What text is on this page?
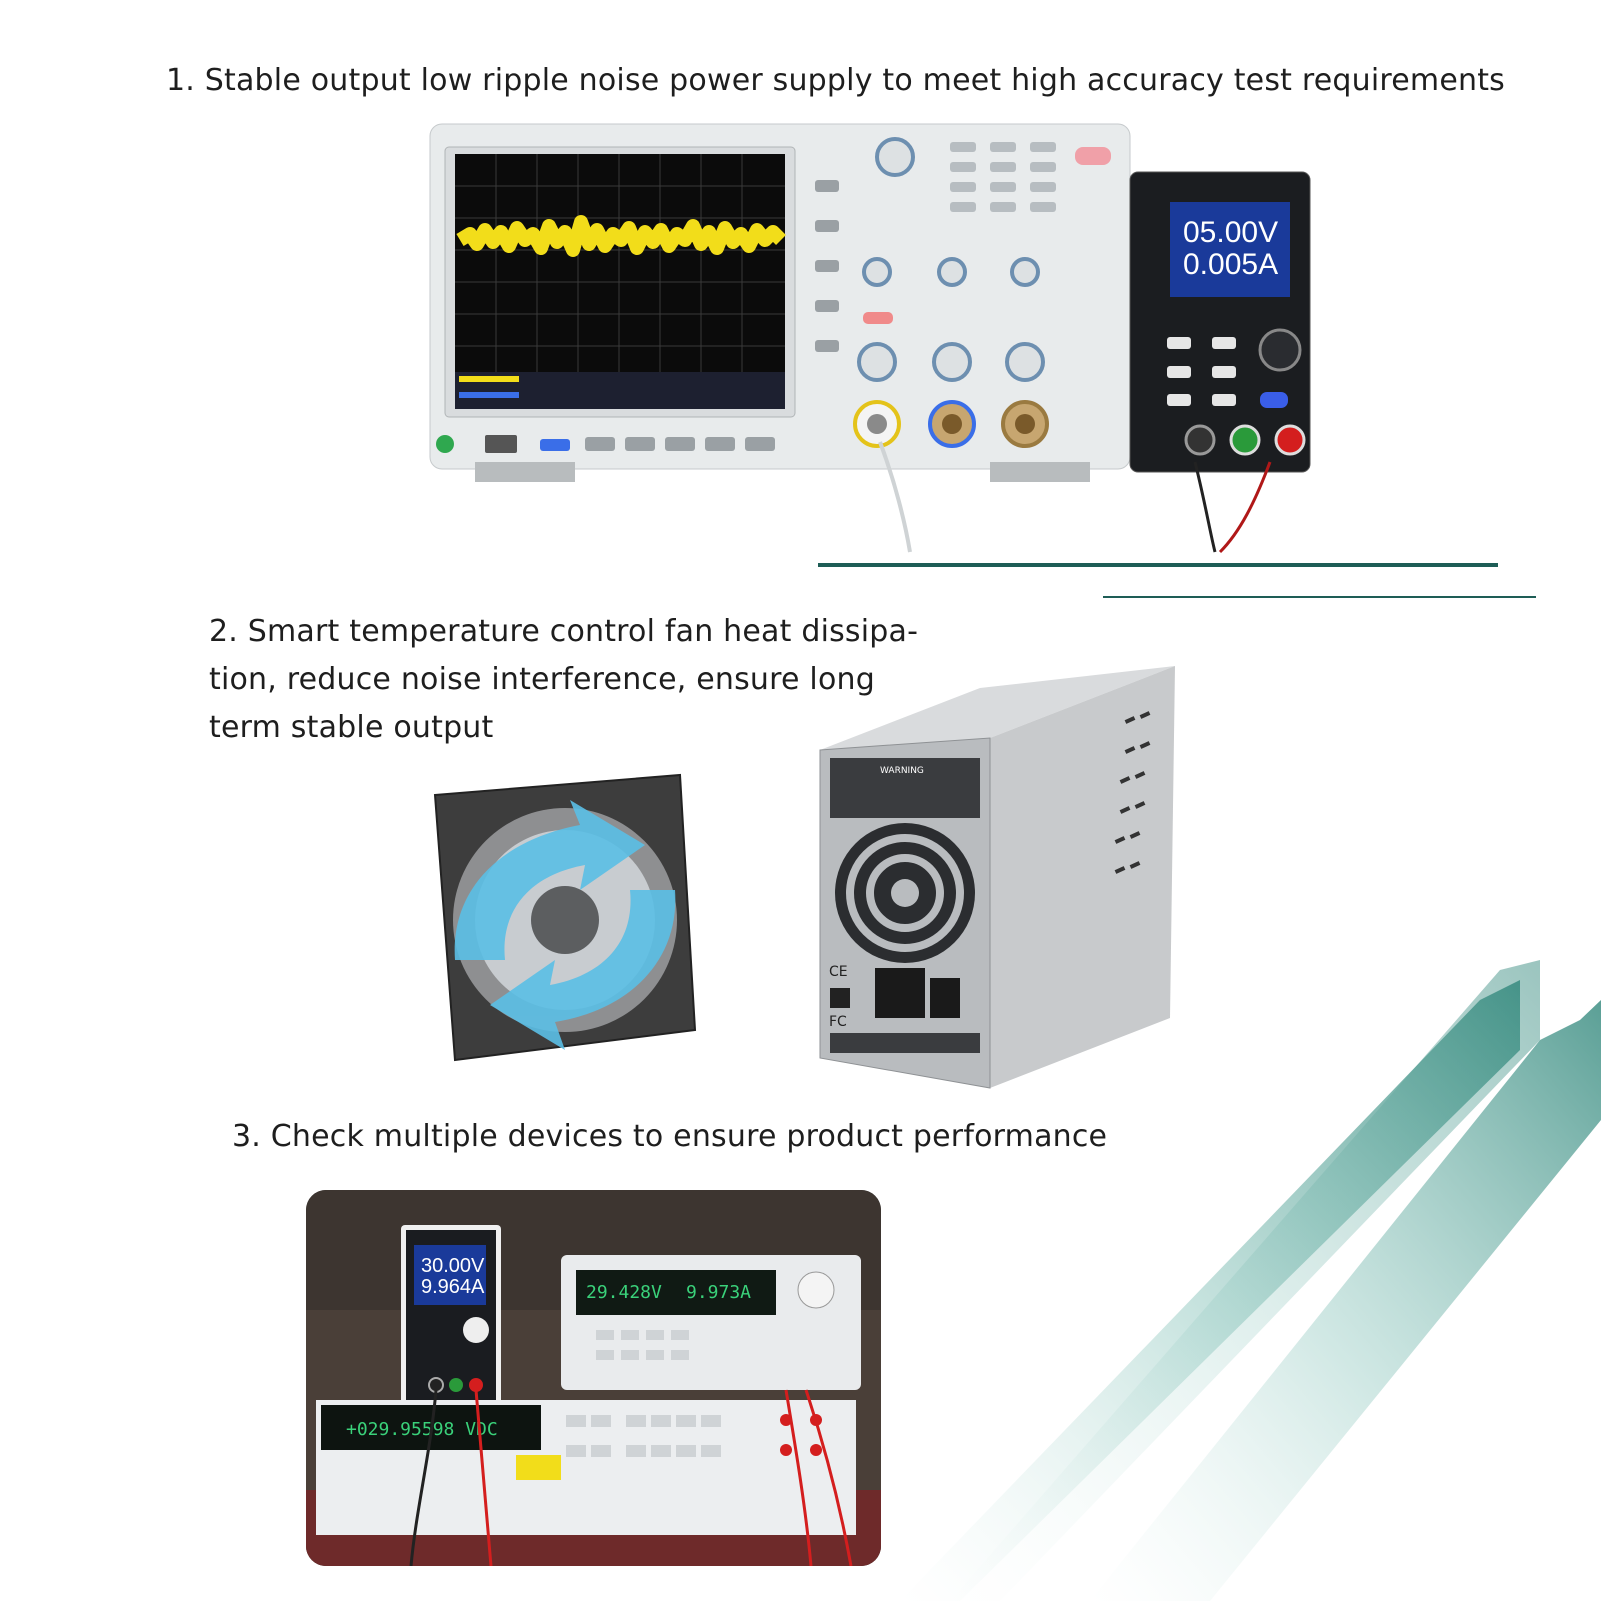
1. Stable output low ripple noise power supply to meet high accuracy test requirements
05.00V
0.005A
2. Smart temperature control fan heat dissipa-
tion, reduce noise interference, ensure long
term stable output
WARNING
CE
FC
3. Check multiple devices to ensure product performance
30.00V
9.964A	29.428V 9.973A
+029.95598 VDC
